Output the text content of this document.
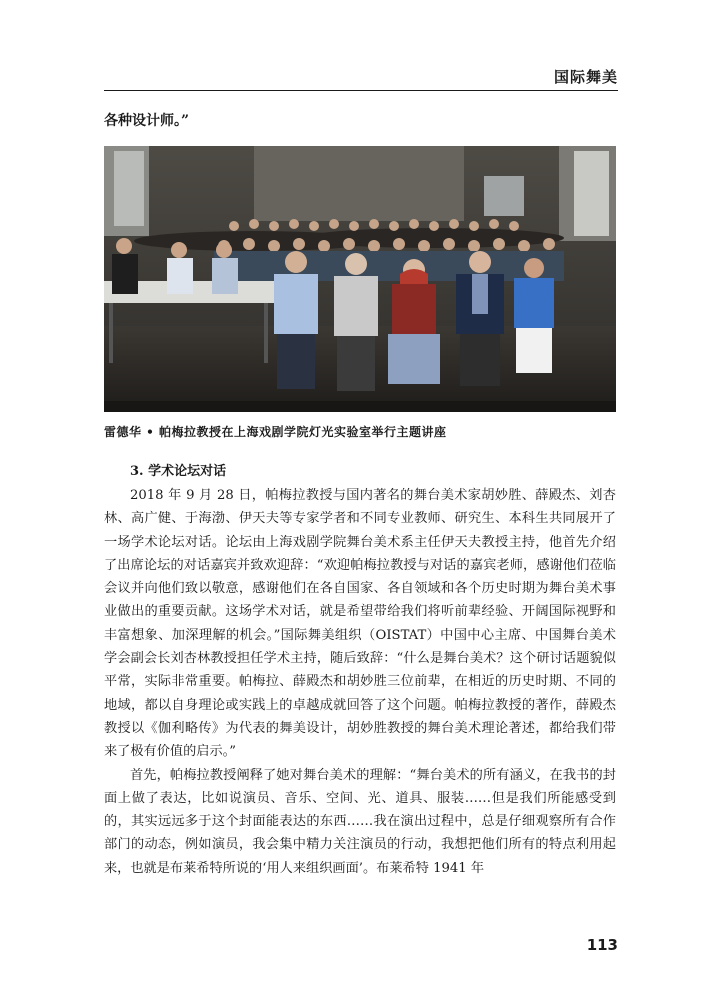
国际舞美
各种设计师。”
雷德华 • 帕梅拉教授在上海戏剧学院灯光实验室举行主题讲座
3. 学术论坛对话

2018 年 9 月 28 日，帕梅拉教授与国内著名的舞台美术家胡妙胜、薛殿杰、刘杏林、高广健、于海渤、伊天夫等专家学者和不同专业教师、研究生、本科生共同展开了一场学术论坛对话。论坛由上海戏剧学院舞台美术系主任伊天夫教授主持，他首先介绍了出席论坛的对话嘉宾并致欢迎辞：“欢迎帕梅拉教授与对话的嘉宾老师，感谢他们莅临会议并向他们致以敬意，感谢他们在各自国家、各自领域和各个历史时期为舞台美术事业做出的重要贡献。这场学术对话，就是希望带给我们将听前辈经验、开阔国际视野和丰富想象、加深理解的机会。”国际舞美组织（OISTAT）中国中心主席、中国舞台美术学会副会长刘杏林教授担任学术主持，随后致辞：“什么是舞台美术？这个研讨话题貌似平常，实际非常重要。帕梅拉、薛殿杰和胡妙胜三位前辈，在相近的历史时期、不同的地域，都以自身理论或实践上的卓越成就回答了这个问题。帕梅拉教授的著作，薛殿杰教授以《伽利略传》为代表的舞美设计，胡妙胜教授的舞台美术理论著述，都给我们带来了极有价值的启示。”

首先，帕梅拉教授阐释了她对舞台美术的理解：“舞台美术的所有涵义，在我书的封面上做了表达，比如说演员、音乐、空间、光、道具、服装……但是我们所能感受到的，其实远远多于这个封面能表达的东西……我在演出过程中，总是仔细观察所有合作部门的动态，例如演员，我会集中精力关注演员的行动，我想把他们所有的特点利用起来，也就是布莱希特所说的‘用人来组织画面’。布莱希特 1941 年

113
